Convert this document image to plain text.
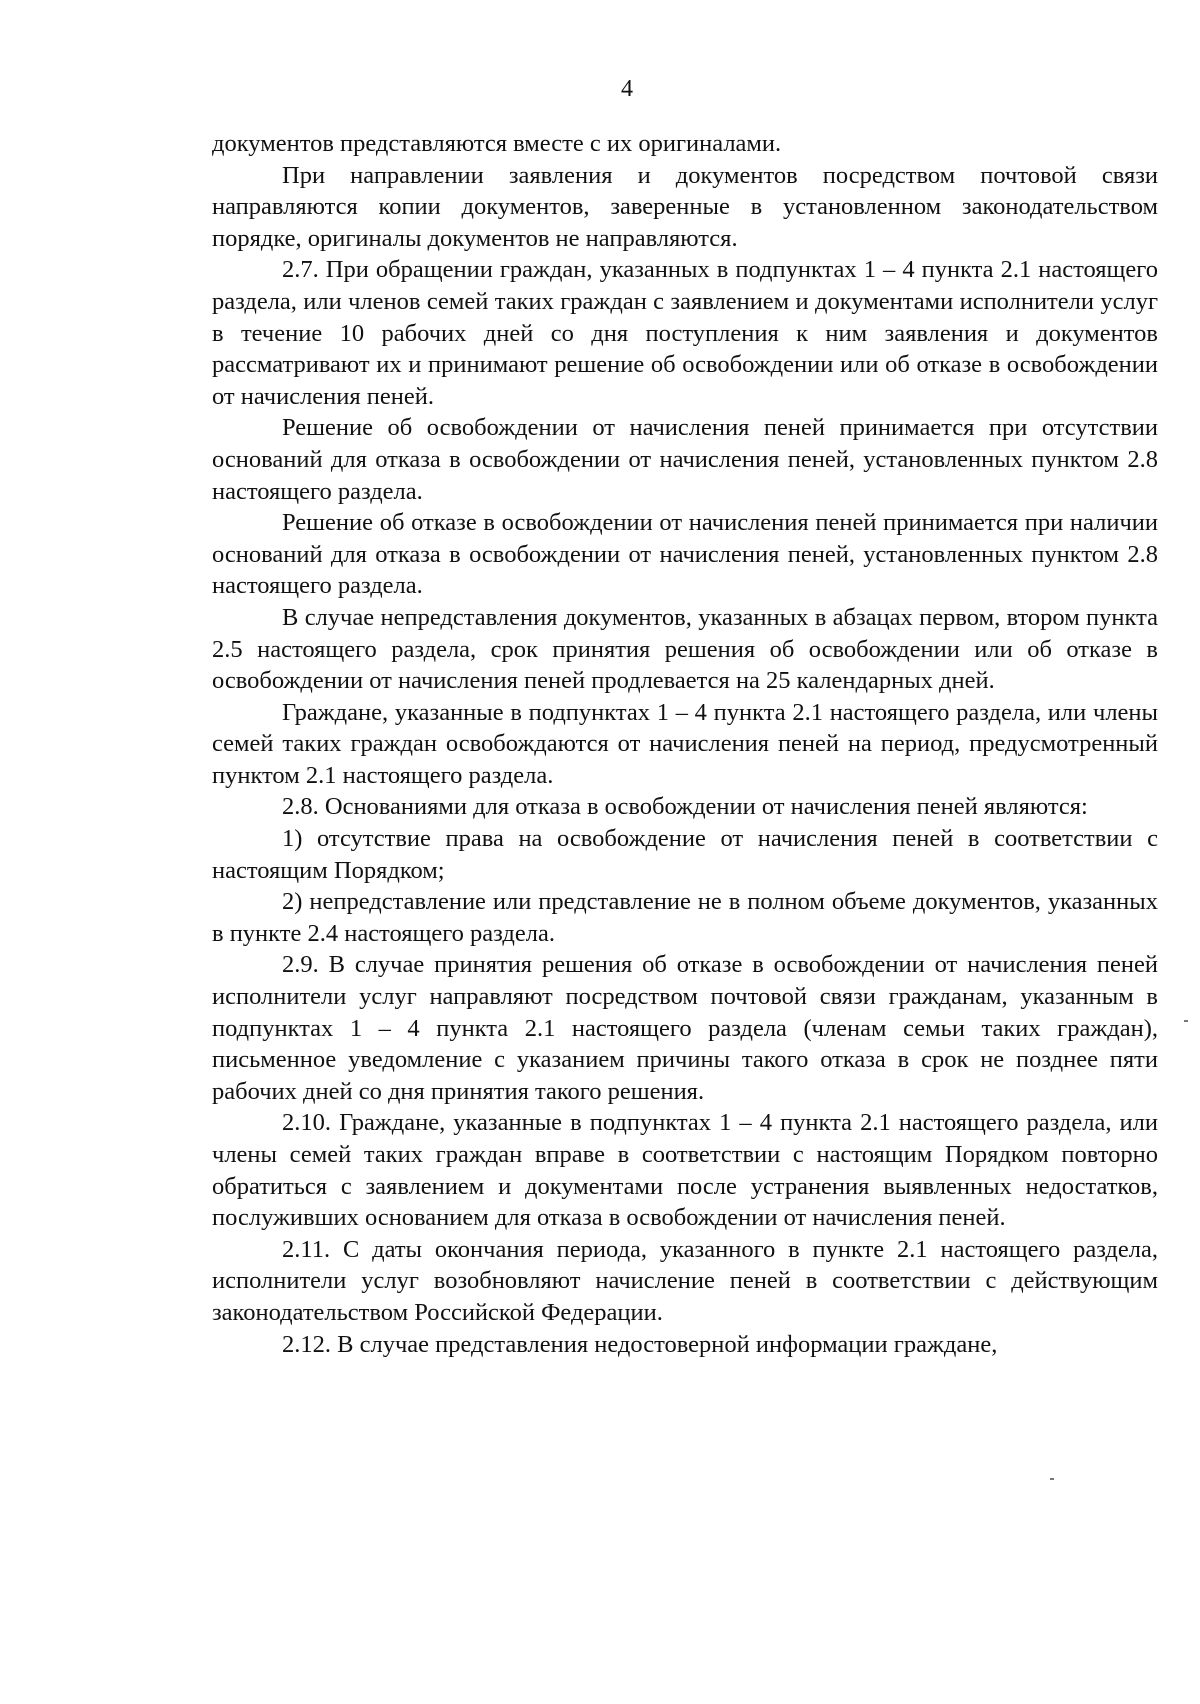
4

документов представляются вместе с их оригиналами.

При направлении заявления и документов посредством почтовой связи направляются копии документов, заверенные в установленном законодательством порядке, оригиналы документов не направляются.

2.7. При обращении граждан, указанных в подпунктах 1 – 4 пункта 2.1 настоящего раздела, или членов семей таких граждан с заявлением и документами исполнители услуг в течение 10 рабочих дней со дня поступления к ним заявления и документов рассматривают их и принимают решение об освобождении или об отказе в освобождении от начисления пеней.

Решение об освобождении от начисления пеней принимается при отсутствии оснований для отказа в освобождении от начисления пеней, установленных пунктом 2.8 настоящего раздела.

Решение об отказе в освобождении от начисления пеней принимается при наличии оснований для отказа в освобождении от начисления пеней, установленных пунктом 2.8 настоящего раздела.

В случае непредставления документов, указанных в абзацах первом, втором пункта 2.5 настоящего раздела, срок принятия решения об освобождении или об отказе в освобождении от начисления пеней продлевается на 25 календарных дней.

Граждане, указанные в подпунктах 1 – 4 пункта 2.1 настоящего раздела, или члены семей таких граждан освобождаются от начисления пеней на период, предусмотренный пунктом 2.1 настоящего раздела.

2.8. Основаниями для отказа в освобождении от начисления пеней являются:

1) отсутствие права на освобождение от начисления пеней в соответствии с настоящим Порядком;

2) непредставление или представление не в полном объеме документов, указанных в пункте 2.4 настоящего раздела.

2.9. В случае принятия решения об отказе в освобождении от начисления пеней исполнители услуг направляют посредством почтовой связи гражданам, указанным в подпунктах 1 – 4 пункта 2.1 настоящего раздела (членам семьи таких граждан), письменное уведомление с указанием причины такого отказа в срок не позднее пяти рабочих дней со дня принятия такого решения.

2.10. Граждане, указанные в подпунктах 1 – 4 пункта 2.1 настоящего раздела, или члены семей таких граждан вправе в соответствии с настоящим Порядком повторно обратиться с заявлением и документами после устранения выявленных недостатков, послуживших основанием для отказа в освобождении от начисления пеней.

2.11. С даты окончания периода, указанного в пункте 2.1 настоящего раздела, исполнители услуг возобновляют начисление пеней в соответствии с действующим законодательством Российской Федерации.

2.12. В случае представления недостоверной информации граждане,
